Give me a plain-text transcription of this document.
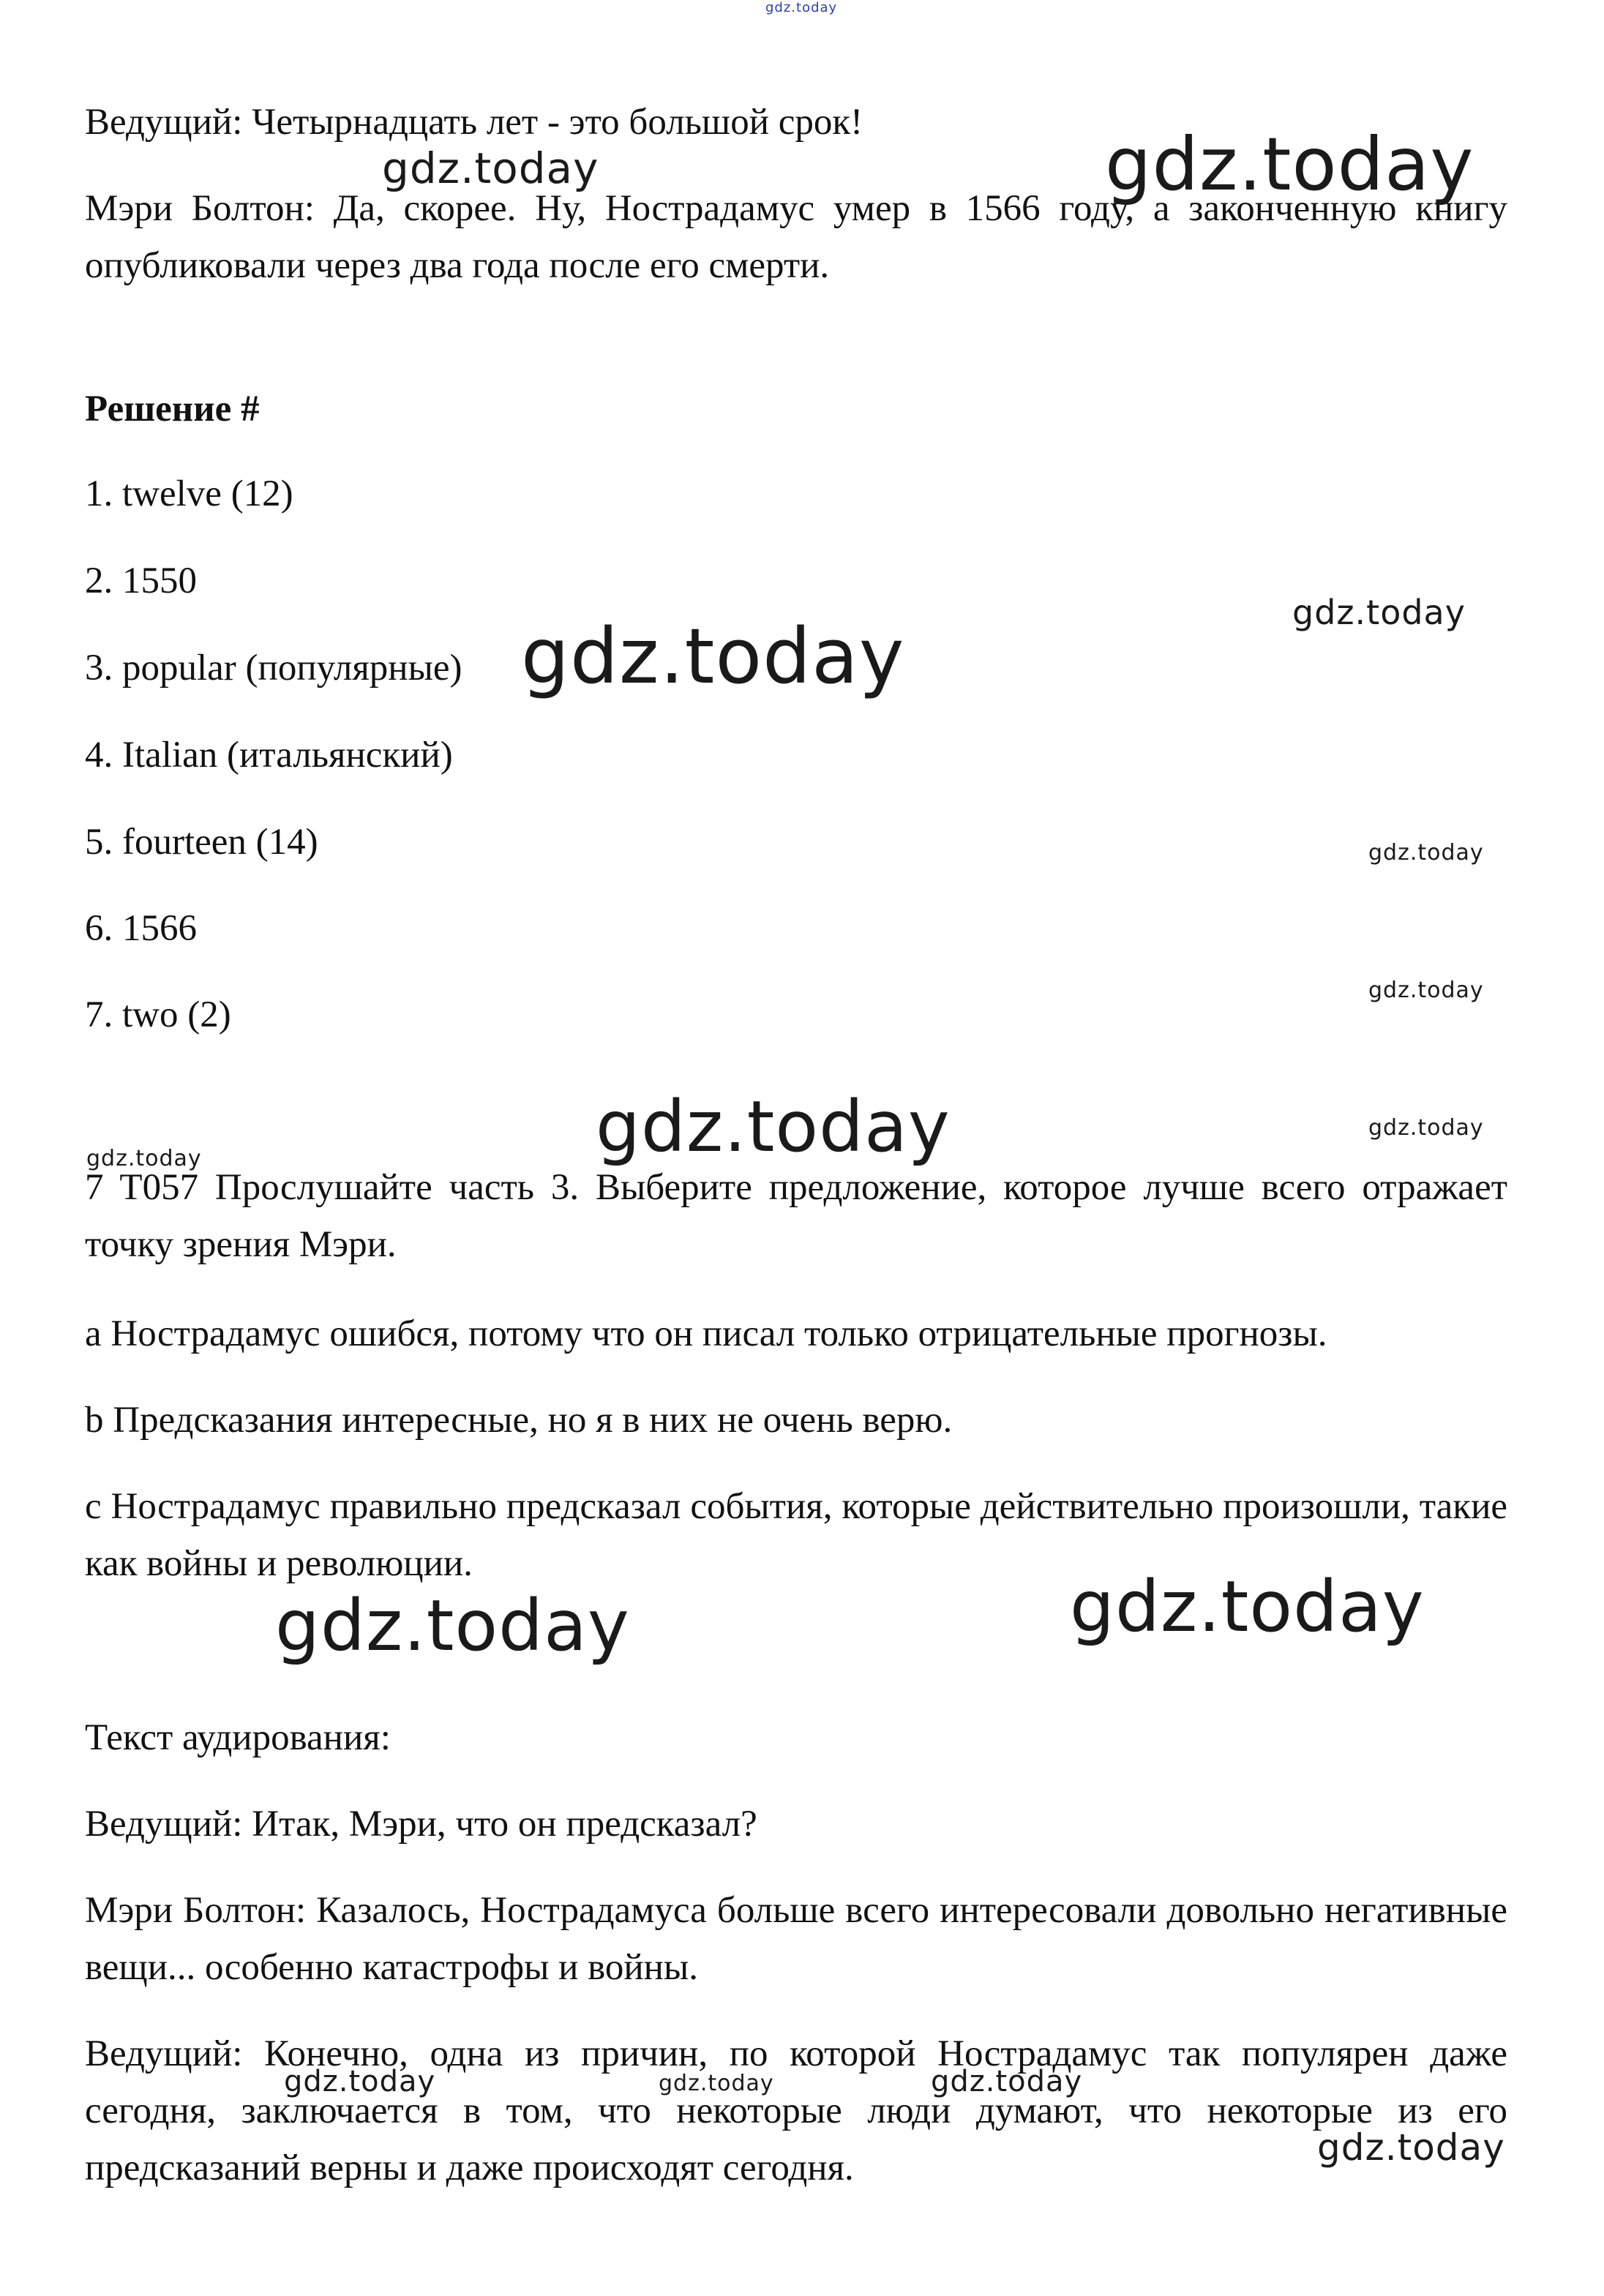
Ведущий: Четырнадцать лет - это большой срок!

Мэри Болтон: Да, скорее. Ну, Нострадамус умер в 1566 году, а законченную книгу опубликовали через два года после его смерти.

Решение #

1. twelve (12)

2. 1550

3. popular (популярные)

4. Italian (итальянский)

5. fourteen (14)

6. 1566

7. two (2)

7 T057 Прослушайте часть 3. Выберите предложение, которое лучше всего отражает точку зрения Мэри.

a Нострадамус ошибся, потому что он писал только отрицательные прогнозы.

b Предсказания интересные, но я в них не очень верю.

c Нострадамус правильно предсказал события, которые действительно произошли, такие как войны и революции.

Текст аудирования:

Ведущий: Итак, Мэри, что он предсказал?

Мэри Болтон: Казалось, Нострадамуса больше всего интересовали довольно негативные вещи... особенно катастрофы и войны.

Ведущий: Конечно, одна из причин, по которой Нострадамус так популярен даже сегодня, заключается в том, что некоторые люди думают, что некоторые из его предсказаний верны и даже происходят сегодня.

gdz.today
gdz.today	gdz.today
gdz.today
gdz.today
gdz.today
gdz.today
gdz.today
gdz.today
gdz.today
gdz.today	gdz.today
gdz.today	gdz.today	gdz.today
gdz.today
